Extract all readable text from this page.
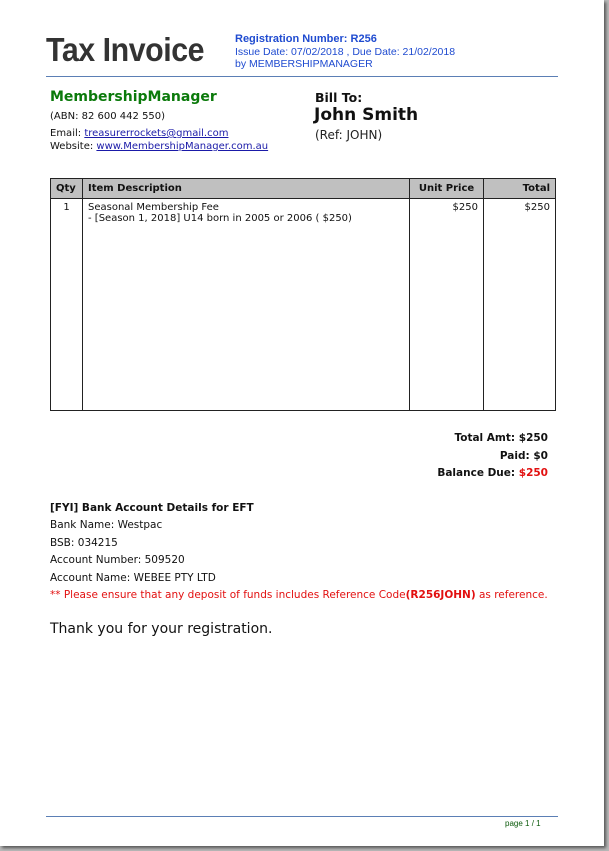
Tax Invoice	Registration Number: R256
Issue Date: 07/02/2018 , Due Date: 21/02/2018
by MEMBERSHIPMANAGER
MembershipManager
(ABN: 82 600 442 550)
Email: treasurerrockets@gmail.com
Website: www.MembershipManager.com.au
Bill To:
John Smith
(Ref: JOHN)
Qty	Item Description	Unit Price	Total
1	Seasonal Membership Fee
- [Season 1, 2018] U14 born in 2005 or 2006 ( $250)	$250	$250
Total Amt: $250
Paid: $0
Balance Due: $250
[FYI] Bank Account Details for EFT
Bank Name: Westpac
BSB: 034215
Account Number: 509520
Account Name: WEBEE PTY LTD
** Please ensure that any deposit of funds includes Reference Code(R256JOHN) as reference.
Thank you for your registration.
page 1 / 1
